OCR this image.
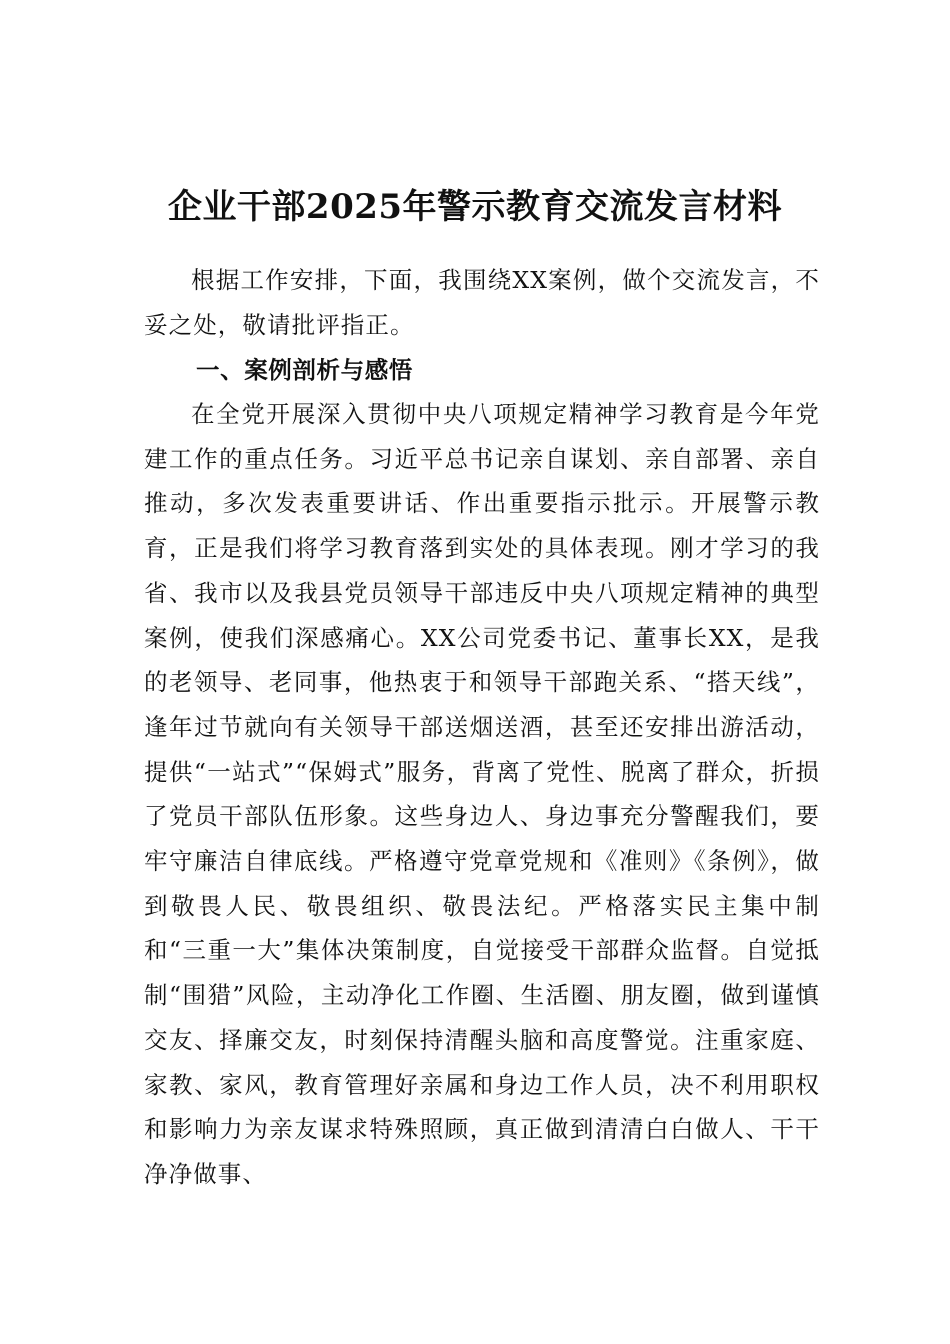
企业干部2025年警示教育交流发言材料

根据工作安排，下面，我围绕XX案例，做个交流发言，不妥之处，敬请批评指正。

一、案例剖析与感悟

在全党开展深入贯彻中央八项规定精神学习教育是今年党建工作的重点任务。习近平总书记亲自谋划、亲自部署、亲自推动，多次发表重要讲话、作出重要指示批示。开展警示教育，正是我们将学习教育落到实处的具体表现。刚才学习的我省、我市以及我县党员领导干部违反中央八项规定精神的典型案例，使我们深感痛心。XX公司党委书记、董事长XX，是我的老领导、老同事，他热衷于和领导干部跑关系、“搭天线”，逢年过节就向有关领导干部送烟送酒，甚至还安排出游活动，提供“一站式”“保姆式”服务，背离了党性、脱离了群众，折损了党员干部队伍形象。这些身边人、身边事充分警醒我们，要牢守廉洁自律底线。严格遵守党章党规和《准则》《条例》，做到敬畏人民、敬畏组织、敬畏法纪。严格落实民主集中制和“三重一大”集体决策制度，自觉接受干部群众监督。自觉抵制“围猎”风险，主动净化工作圈、生活圈、朋友圈，做到谨慎交友、择廉交友，时刻保持清醒头脑和高度警觉。注重家庭、家教、家风，教育管理好亲属和身边工作人员，决不利用职权和影响力为亲友谋求特殊照顾，真正做到清清白白做人、干干净净做事、
